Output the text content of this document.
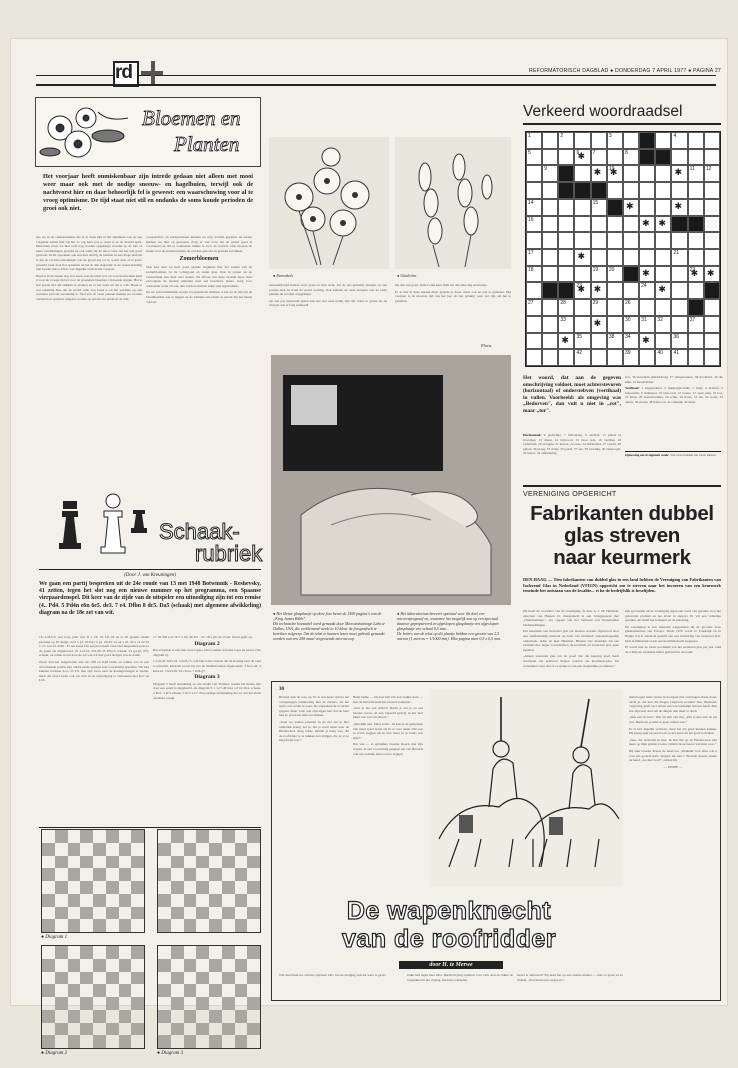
rd	REFORMATORISCH DAGBLAD ● DONDERDAG 7 APRIL 1977 ● PAGINA 27
Bloemen en
Planten
Het voorjaar heeft onmiskenbaar zijn intrede gedaan niet alleen met mooi weer maar ook met de nodige sneeuw- en hagelbuien, terwijl ook de nachtvorst hier en daar behoorlijk fel is geweest: een waarschuwing voor al te vroeg optimisme. De tijd staat niet stil en ondanks de soms koude perioden de groei ook niet.

Als we in de verkeerstekens die er te doen zijn in het algemeen ook op een volgende zetten hier bij het zo erg heel wat te doen is in de maand april. Misschien moet we hier toch nog worden opgeknapt voordat op de mis of meer verzuimingen grondst en ook soms bij de mooi weer dat het wel goed gaan zal. In dit opzoeken ook een hart dan bij de bermen in een droge periode is die de vochtvoorzieningen van de grond erg tot is, wordt daar al te gauw gewerkt vaak door het opnemen en het in den slagvelde in de waterverdeling niet zonder risico. Dit is wel degelijk werk in het voorjaar.

Heeft u in de tuinen nog wat staan, lees de tekst wel, en voor het kweken kunt u voor de vroege tijd en voor de groeiende bloemen voldoende zorgen. Het is een goede tijd om stekken te planten en er het werk uit dat u wilt. Houd er wel rekening mee dat de grond vaak nog koud is en het wachten op een warmere periode verstandig is. Veel van de vaste planten kunnen nu worden verdeeld en opnieuw uitgezet worden op een mooie plaats in de tuin.

voorjaarsbol- en knolgewassen kunnen nu weg worden gepland. Al eerder hebben we hier op gewezen. Zorg er wel voor dat de grond goed is voorbereid en dat er voldoende ruimte is voor de wortels. Ook moeten de zaden voor de zomerbloemen nu worden gekocht en gezaaid in bakken.

Zomerbloemen

Ook kan men nu heel goed gaande beginnen met het zaaien van de zomerbloemen. In de vollegrond en onder glas. Ook in potten op de vensterbank kan men veel zaaien. Na afloop van deze zaaitijd moet men vervolgens de planten uitzetten naar een beschutte plaats. Zorg voor voldoende water en zon, dan zal het resultaat zeker niet tegenvallen.

Na we een betrekkelijk vroege voorjaarsbeurt hebben, is het nu de tijd om de bloembedden aan te leggen en de plantjes een plaats te geven die het meest voldoet.

● Ranonkels	● Gladiolen

bestendrijvend komen weer goed tot hun recht. Zet de pas gezaaide plantjes op een warme plek en houd de grond vochtig. Ook kunnen de oude stengels van de vaste planten nu worden weggeknipt.

Op een pas ingezaaid gazon kan het wel eens nodig zijn om water te geven als de droogte wat te lang aanhoudt.

het dan wel goed, beter is één keer flink nat dan elke dag een beetje.

Er is dan in deze maand meer gaande te doen, maar ook en aan te genieten. Het voorjaar is de mooiste tijd van het jaar als het gelukig weer zal zijn om het te genieten.

Flora.
Verkeerd woordraadsel
1	2	3	4
5	6
✱	7	8
9 ✱	10
✱ ✱	11 12
14	15
✱
✱
16
✱
✱
17 ✱	21
18	19 20 ✱	22
✱
✱
23
✱ ✱	24
✱
27	28	29	26
33 ✱	30 31 32	37
✱
35	38 34 ✱	36
42	39	40 41
Het woord, dat aan de gegeven omschrijving voldoet, moet achterstevoren (horizontaal) of onderstebven (vertikaal) in vullen. Voorbeeld: als omgeving was „Bedorven", dan vult u niet in „rot", maar „tor".

Horizontaal: 9 gedachtje, 7 ballonring, 9 aardbol, 11 plaats in Overijsel, 13 draak, 14 bijwoord, 15 ruwe wol, 16 verdriet, 18 vaderland, 20 vreugde, 21 karton, 22 eens, 24 liefdeslied, 27 vrucht, 28 gebod, 30 ploeg, 33 rivier, 35 paard, 37 zee, 39 vaartuig, 40 zangvogel, 41 insect, 42 ontkenning.

fect, 36 boterham (kinderitaal), 37 ozingstoesten, 38 mooiheid, 40 die knik, 42 kaaskrabbel.

Vertikaal: 1 begeleidend, 2 bakkerijprodukt, 3 balje, 4 indiaan, 5 bouwsterk, 6 strijkspel, 10 bijwoord, 12 vrouw, 17 open plek, 19 bos, 23 kleur, 25 sneeuwruimer, 26 schip, 29 rivier, 31 tak, 32 water, 34 nieuw, 36 eiland, 38 lidwoord, 41 tamelijk, 42 kleur.

Oplossing eerstvolgende week: Van twee kanden het beste kiezen.
VERENIGING OPGERICHT
Fabrikanten dubbel
glas streven
naar keurmerk
DEN HAAG — Tien fabrikanten van dubbel glas in een land hebben de Vereniging van Fabrikanten van Isolerend Glas in Nederland (VFIGN) opgericht om te streven naar het invoeren van een keurmerk teneinde het ontstaan van de kwalite... ri ha de bedrijfslik is beselijden.

Dit heeft de voorzitter van de vereniging, de heer A. J. M. Hartman, directeur van Hussen bv. meegedeeld in een vraaggesprek met „Onderneming\", het opgaan van het Verbond van Nederlandse Ondernemingen.

Dat keurmerk aan isolerend glas zal moeten worden afgeleverd door een onafhankelijk instituut op basis van technisch wetenschappelijk onderzoek, aldus de heer Hartman. Binnen vier maanden zal een instituut met eigen voorschriften de kwaliteit en isolerend glas gaan bepalen.

„Alleen isolerend glas dat de proef van die keuring goed heeft doorstaan zal geleverd mogen worden als keurmerk-glas. De consument weet dan of er sprake is van een deugdelijke produktie.\"

zijn gevoerden uit de vereniging tegen een vorm van garantie voor het geleverde produkt en het leven in rapport. Er wil een volledige garantie, inclusief het transport en de plaatsing.

De vereniging is een federatie aangesloten bij de grootste twee glashandelaren van Europa. Sinds 1976 wordt in Frankrijk en in België vrij al aandacht gesteld aan een normering van isolerend glas. Ook in Duitsland wordt een kwaliteitsnorm toegepast.

Er wordt met de totale produktie van het isolerend glas per jaar rond de 2 miljoen vierkante meter geleverd in ons land.

Schaak-
rubriek
(Door J. van Kreuningen)
We gaan een partij bespreken uit de 24e ronde van 13 mei 1948 Botwinnik - Reshevsky, 41 zetten, tegen het slot nog een nieuwe nummer op het programma, een Spaanse vierpaardenspel. Dit keer van de zijde van de uitspeler een uitnodiging zijn tot een remise (4.. Pd4. 5 Pd4n e6n 6e5. de3. 7 e4. Dfbn 8 dc5. Da5 (schaak) met algemene afwikkeling) diagram na de 18e zet van wit.

18...Lc8-b3? een fout, juist was D x f3! 19 Lf1-d3 na is dit gedekt omdat paardzet op h5 dreigt...Lb3 x g2. 20 Kg1 x g2. 20-d3: 21 e4 x d3. d3 x c4 22 d3 x c4. wat 23...Pd6 - Er ten koste van een pion heeft zwart het uitgesleten punt in de gaten als uitgeleverd. 22 Le3-f4, Tc8-d8 23 Pf3-e5 schaak. 24 g4-g5, Pf5, schaak, tot remis wordt door de zet van wit met goed dreigen van de dame.

Zwart had het aangeboden met 24...Tf8 en Kg8 beide en remise zou in een afwachtende positie zijn omdat beide partijen zeer voorzichtig speelden. Wit had kunnen trachten door 25 Tf1 met zijn toren naar de koningsvleugel te spelen, maar dat stond zwart ook toe zich in de verdediging te verbeteren met Ka7 en Lb6.

c7. 30 Ta8 x a7. Pc7 x b5; 40 Ta7 - d7. 18 x g5! 41 e5-e6. Zwart geeft op.

Diagram 2

Het volgende is niet met twee lopers. Dit is sneller dan met loper en paard. (Zie diagram 2).

1 Lc8-d5. Kd5-c6. 2 Kc6-c5. ook hier is het streven dat de Koning naar de rand is gebracht. Daarom wordt hij van de middenvelden afgehouden. 3 Kc5-d4. 4 Kd4-e5. 5 Ke5-f6. 6 Lc6-e4. 7 Kf6-g7.

Diagram 3

Diagram 3 heeft betrekking op een studie van Troitski, waarin het thema met door een paard is uitgebeeld, als diagram 3: 1 Lc7-d6 Ka4 a 6 b4 Dc4. schaak. 2 Kc5. 3 Pc5 schaak. 5 Kc5 x b7. Een aardige afwikkeling die tot aan het einde aandacht vraagt.

● Diagram 1
● Diagram 2	● Diagram 3

● Het kleine glasplaatje op deze foto bevat de 1500 pagina's van de „King James Bible".

Dit technische hoestukel werd gemaakt door Microminiatrage Labs te Dallas, USA, die verkleinend werkt in 10 kleur de fotografisch te bereiken volgreep. Om de tekst te kunnen lezen moet gebruik gemaakt worden van een 200-maal vergrotende microscoop.

● Het laboratorium beweert speciaal voor dit doel een microreprograaf en, waarmee het mogelijk zou op een speciaal daartoe geprepareerd en afgeslopen glasplaatje een afgeslopen glasplaatje een schaal 0,5 mm...

De letters van de tekst op dit plaatje hebben een grootte van 2,5 micron (1 micron = 1/1000 mm). Elke pagina meet 0,5 x 0,5 mm.

30

Bertold stak de weg op. Er is een korte tijd na het overgeslagen ontmoeting met de ridders, als het tijd is om verder te gaan. De wapenknecht is verder gegaan, maar voelt aan zijn eigen hart dat de heer niet zo goed aan hem zal denken.

„Toen we samen praatten in de tijd dat je hier onderdak kreeg, zei je, dat je nooit meer naar de Hardewieck terug wilde. Omdat je bang was, dat de roofridder je te pakken zou krijgen, die je al zo lang kwijt was.\"

Bezit hulde — bij kou bijt van een vlakke kant — met de hand die hem het zwaard toekende...

„Zou je dat wel willen? Dacht je dat je zo een heerser leven, en een bepaald gedrag in het hart hield ook van ons moet?\"

„Moeilijk niet. Maar soms... Ik kan in de gedachten niet meer goed leven als ik er over denk. Wat zou je ervan zeggen als ik niet meer in je buurt zou zijn?\"

Dat van — al gebruikte broeder Roeck met zijn wapen, in een voorzichtig gesprek om van Bertoldi ooit een redelijk antwoord te krijgen.

mand tegen beter weten in doorgaat met ontvangen alsare doen, dacht je. dat kon die dingen vergeven worden? Nee, Berthold, vergeving geeft God alleen aan wie werkelijk berouw heeft. Ben wie zijn best doet om de dingen niet meer te doen.

„Dus een ik dan.\" Wat bij zijn van mij, „Het is niet een, ik zal wel, Berthold, je hebt er geen schuld aan.\"

Er is wel degelijk verloren, maar het zal goed kunnen komen. Hij kreeg spijt en stond ook op het punt om het goed te maken.

„Nee, dat bedoelde ik niet. Ik kon me op de Hardewieck niet meer op mijn gemak voelen. Omdat ik nu betere van hem was.\"

Hij stak broeder Roeck de hand toe. „Bedankt voor alles wat u voor me gedaan hebt. Vergeet me niet.\" Broeder Roeck drukte de hand. „Ga met God\", zeiden hij.

— EINDE —

De wapenknecht
van de roofridder
door H. te Merwe

Wat deed hem nu, om met zijn heer Otto aan de dreiging van dat weer te gaan?	brukt had tegen heer Otto. Berthold ging opnieuw voor zich, kon de ridder de wapenknecht die vrijdag, heel niet aanrijden.

mond te antwoord? Bij deed het op een andere manier — niet zo graaf en zo bruusk. „Een mens kan vergeven.\"
